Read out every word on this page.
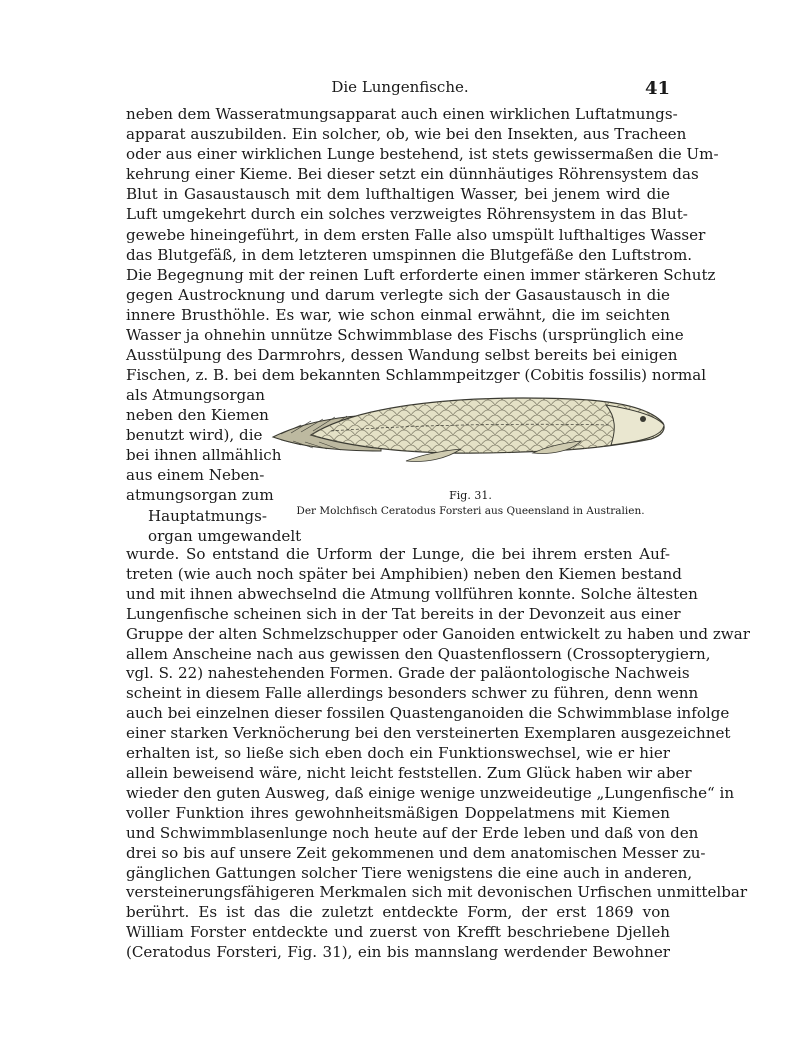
Die Lungenfische.	41
neben dem Wasseratmungsapparat auch einen wirklichen Luftatmungs-
apparat auszubilden. Ein solcher, ob, wie bei den Insekten, aus Tracheen
oder aus einer wirklichen Lunge bestehend, ist stets gewissermaßen die Um-
kehrung einer Kieme. Bei dieser setzt ein dünnhäutiges Röhrensystem das
Blut in Gasaustausch mit dem lufthaltigen Wasser, bei jenem wird die
Luft umgekehrt durch ein solches verzweigtes Röhrensystem in das Blut-
gewebe hineingeführt, in dem ersten Falle also umspült lufthaltiges Wasser
das Blutgefäß, in dem letzteren umspinnen die Blutgefäße den Luftstrom.
Die Begegnung mit der reinen Luft erforderte einen immer stärkeren Schutz
gegen Austrocknung und darum verlegte sich der Gasaustausch in die
innere Brusthöhle. Es war, wie schon einmal erwähnt, die im seichten
Wasser ja ohnehin unnütze Schwimmblase des Fischs (ursprünglich eine
Ausstülpung des Darmrohrs, dessen Wandung selbst bereits bei einigen
Fischen, z. B. bei dem bekannten Schlammpeitzger (Cobitis fossilis) normal
als Atmungsorgan
neben den Kiemen
benutzt wird), die
bei ihnen allmählich
aus einem Neben-
atmungsorgan zum
Hauptatmungs-
organ umgewandelt
Fig. 31.
Der Molchfisch Ceratodus Forsteri aus Queensland in Australien.
wurde. So entstand die Urform der Lunge, die bei ihrem ersten Auf-
treten (wie auch noch später bei Amphibien) neben den Kiemen bestand
und mit ihnen abwechselnd die Atmung vollführen konnte. Solche ältesten
Lungenfische scheinen sich in der Tat bereits in der Devonzeit aus einer
Gruppe der alten Schmelzschupper oder Ganoiden entwickelt zu haben und zwar
allem Anscheine nach aus gewissen den Quastenflossern (Crossopterygiern,
vgl. S. 22) nahestehenden Formen. Grade der paläontologische Nachweis
scheint in diesem Falle allerdings besonders schwer zu führen, denn wenn
auch bei einzelnen dieser fossilen Quastenganoiden die Schwimmblase infolge
einer starken Verknöcherung bei den versteinerten Exemplaren ausgezeichnet
erhalten ist, so ließe sich eben doch ein Funktionswechsel, wie er hier
allein beweisend wäre, nicht leicht feststellen. Zum Glück haben wir aber
wieder den guten Ausweg, daß einige wenige unzweideutige „Lungenfische“ in
voller Funktion ihres gewohnheitsmäßigen Doppelatmens mit Kiemen
und Schwimmblasenlunge noch heute auf der Erde leben und daß von den
drei so bis auf unsere Zeit gekommenen und dem anatomischen Messer zu-
gänglichen Gattungen solcher Tiere wenigstens die eine auch in anderen,
versteinerungsfähigeren Merkmalen sich mit devonischen Urfischen unmittelbar
berührt. Es ist das die zuletzt entdeckte Form, der erst 1869 von
William Forster entdeckte und zuerst von Krefft beschriebene Djelleh
(Ceratodus Forsteri, Fig. 31), ein bis mannslang werdender Bewohner
